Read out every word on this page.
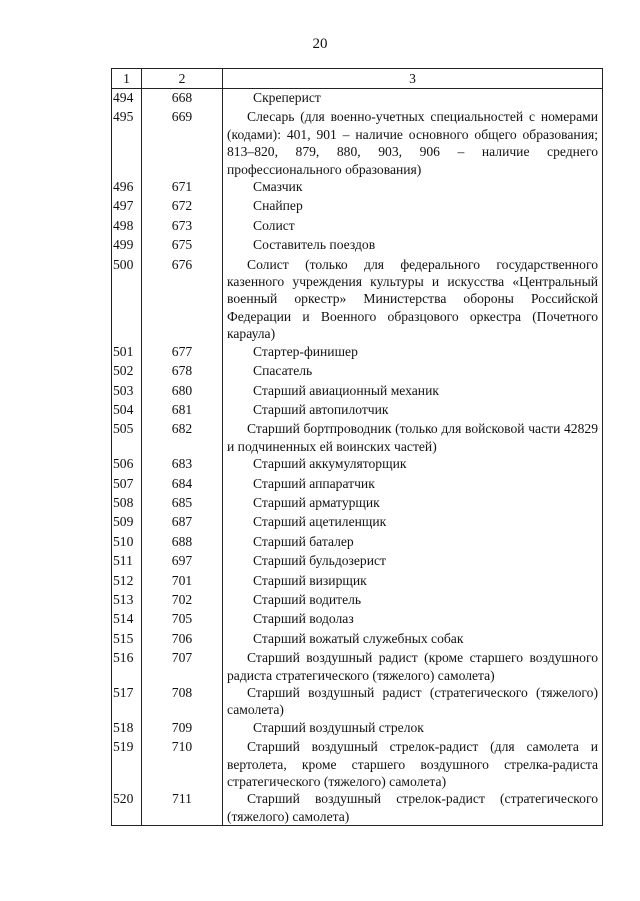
20
1	2	3
494	668	Скреперист

495	669	Слесарь (для военно-учетных специальностей с номерами (кодами): 401, 901 – наличие основного общего образования; 813–820, 879, 880, 903, 906 – наличие среднего профессионального образования)

496	671	Смазчик

497	672	Снайпер

498	673	Солист

499	675	Составитель поездов

500	676	Солист (только для федерального государственного казенного учреждения культуры и искусства «Центральный военный оркестр» Министерства обороны Российской Федерации и Военного образцового оркестра (Почетного караула)

501	677	Стартер-финишер

502	678	Спасатель

503	680	Старший авиационный механик

504	681	Старший автопилотчик

505	682	Старший бортпроводник (только для войсковой части 42829 и подчиненных ей воинских частей)

506	683	Старший аккумуляторщик

507	684	Старший аппаратчик

508	685	Старший арматурщик

509	687	Старший ацетиленщик

510	688	Старший баталер

511	697	Старший бульдозерист

512	701	Старший визирщик

513	702	Старший водитель

514	705	Старший водолаз

515	706	Старший вожатый служебных собак

516	707	Старший воздушный радист (кроме старшего воздушного радиста стратегического (тяжелого) самолета)

517	708	Старший воздушный радист (стратегического (тяжелого) самолета)

518	709	Старший воздушный стрелок

519	710	Старший воздушный стрелок-радист (для самолета и вертолета, кроме старшего воздушного стрелка-радиста стратегического (тяжелого) самолета)

520	711	Старший воздушный стрелок-радист (стратегического (тяжелого) самолета)
